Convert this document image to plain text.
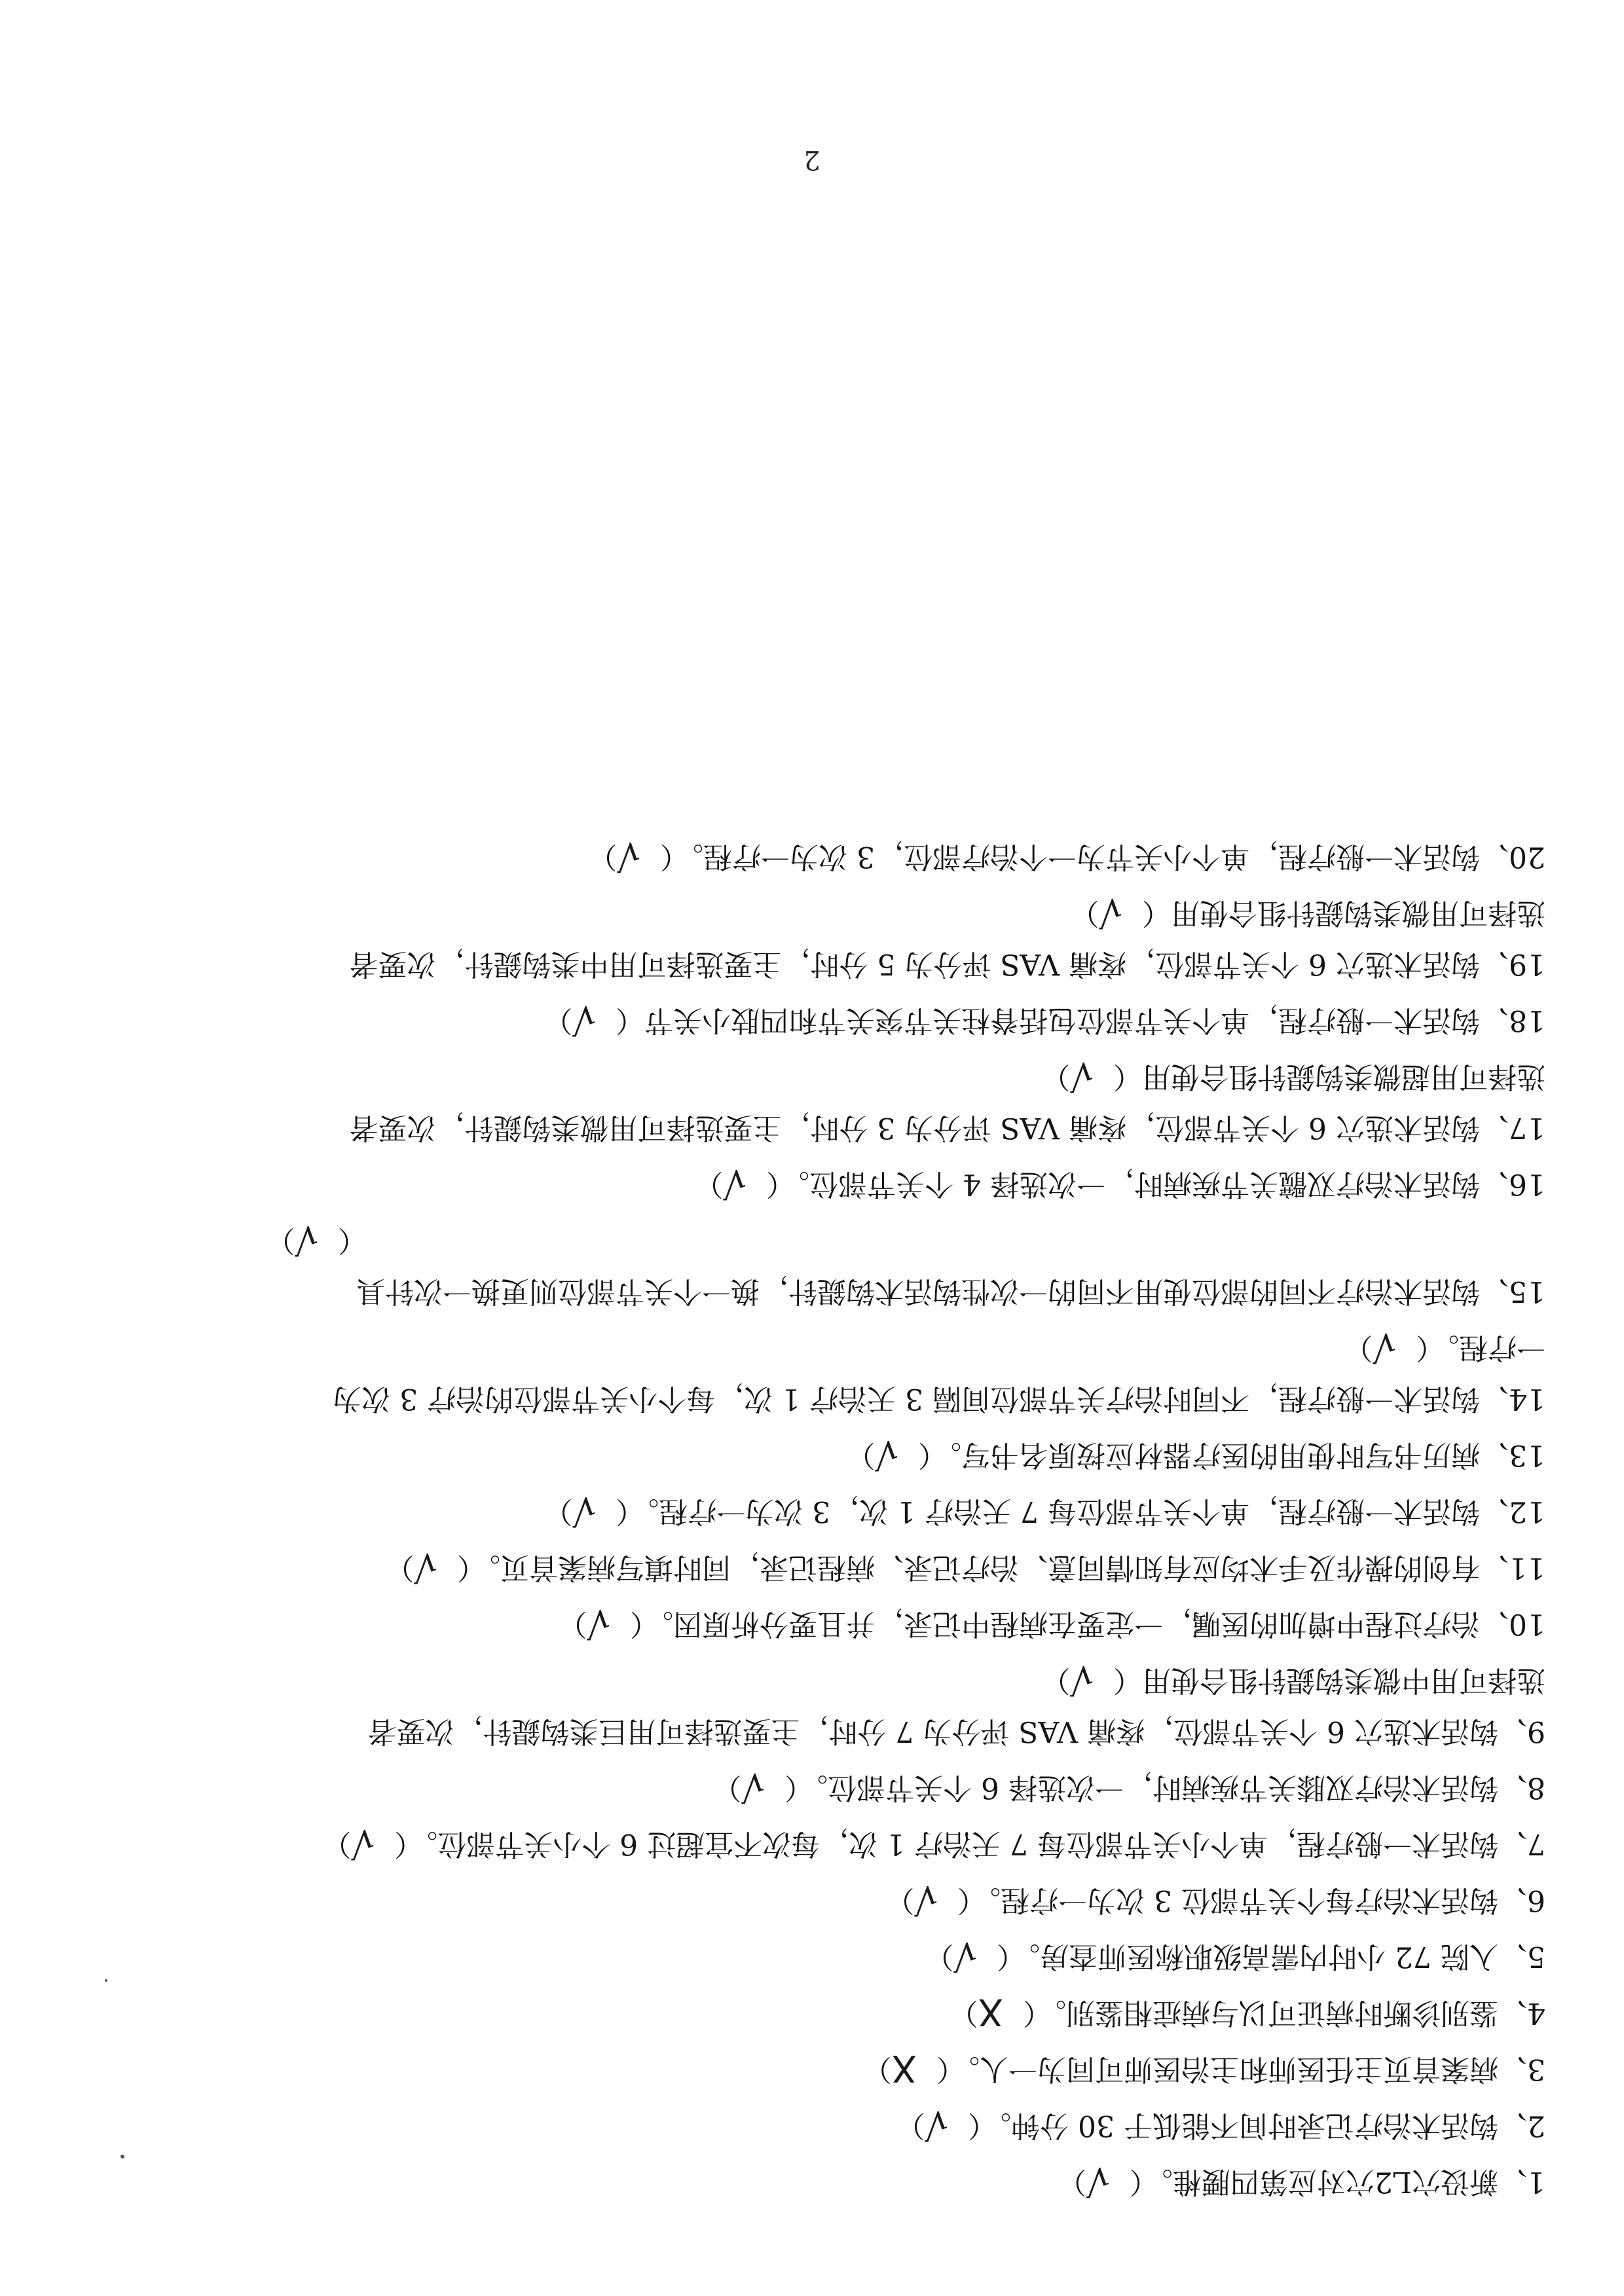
1、新设穴L2穴对应第四腰椎。（√）
2、钩活术治疗记录时间不能低于 30 分钟。（√）
3、病案首页主任医师和主治医师可同为一人。（X）
4、鉴别诊断时病证可以与病症相鉴别。（X）
5、入院 72 小时内需高级职称医师查房。（√）
6、钩活术治疗每个关节部位 3 次为一疗程。（√）
7、钩活术一般疗程，单个小关节部位每 7 天治疗 1 次，每次不宜超过 6 个小关节部位。（√）
8、钩活术治疗双膝关节疾病时，一次选择 6 个关节部位。（√）
9、钩活术选穴 6 个关节部位，疼痛 VAS 评分为 7 分时，主要选择可用巨类钩鍉针，次要者
选择可用中微类钩鍉针组合使用（√）
10、治疗过程中增加的医嘱，一定要在病程中记录，并且要分析原因。（√）
11、有创的操作及手术均应有知情同意、治疗记录、病程记录，同时填写病案首页。（√）
12、钩活术一般疗程，单个关节部位每 7 天治疗 1 次，3 次为一疗程。（√）
13、病历书写时使用的医疗器材应按原名书写。（√）
14、钩活术一般疗程，不同时治疗关节部位间隔 3 天治疗 1 次，每个小关节部位的治疗 3 次为
一疗程。（√）
15、钩活术治疗不同的部位使用不同的一次性钩活术钩鍉针，换一个关节部位则更换一次针具
（√）
16、钩活术治疗双髋关节疾病时，一次选择 4 个关节部位。（√）
17、钩活术选穴 6 个关节部位，疼痛 VAS 评分为 3 分时，主要选择可用微类钩鍉针，次要者
选择可用超微类钩鍉针组合使用（√）
18、钩活术一般疗程，单个关节部位包括脊柱关节突关节和四肢小关节（√）
19、钩活术选穴 6 个关节部位，疼痛 VAS 评分为 5 分时，主要选择可用中类钩鍉针，次要者
选择可用微类钩鍉针组合使用（√）
20、钩活术一般疗程，单个小关节为一个治疗部位，3 次为一疗程。（√）
2
